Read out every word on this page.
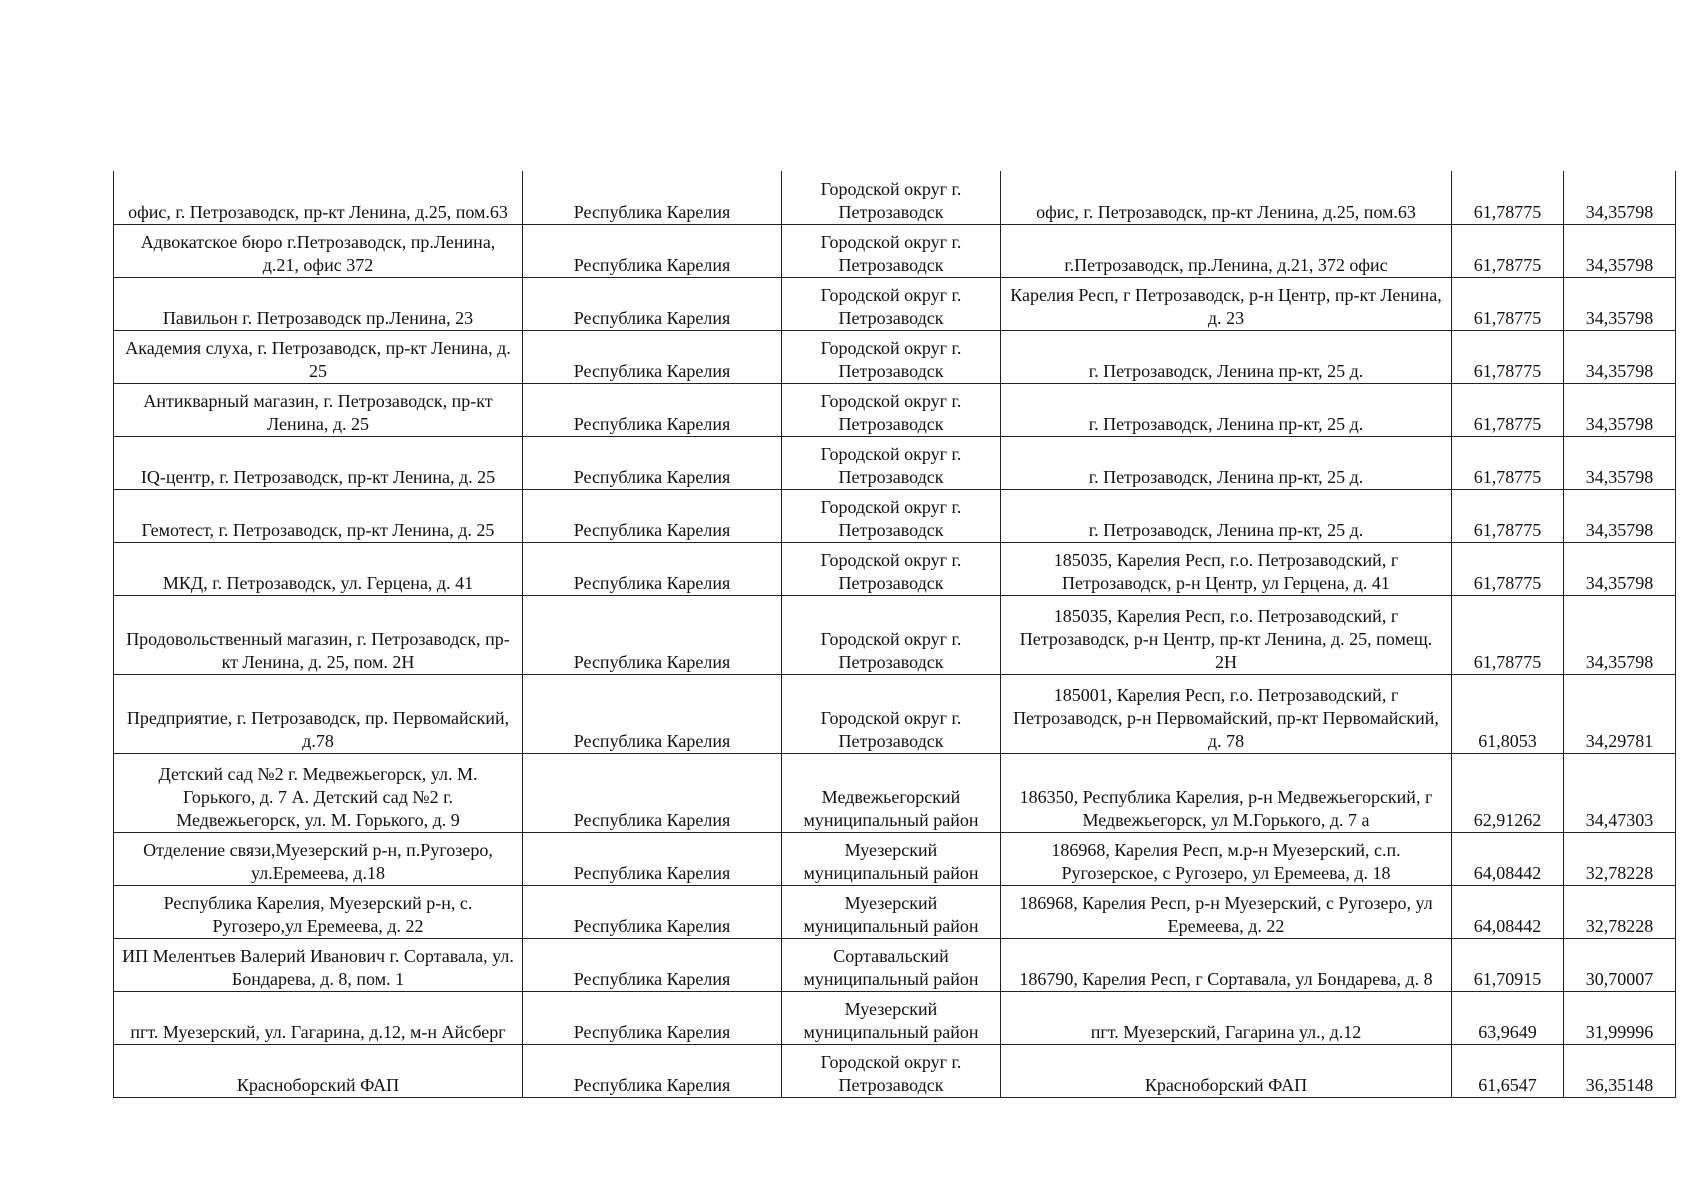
офис, г. Петрозаводск, пр-кт Ленина, д.25, пом.63	Республика Карелия	Городской округ г. Петрозаводск	офис, г. Петрозаводск, пр-кт Ленина, д.25, пом.63	61,78775	34,35798
Адвокатское бюро г.Петрозаводск, пр.Ленина, д.21, офис 372	Республика Карелия	Городской округ г. Петрозаводск	г.Петрозаводск, пр.Ленина, д.21, 372 офис	61,78775	34,35798
Павильон г. Петрозаводск пр.Ленина, 23	Республика Карелия	Городской округ г. Петрозаводск	Карелия Респ, г Петрозаводск, р-н Центр, пр-кт Ленина, д. 23	61,78775	34,35798
Академия слуха, г. Петрозаводск, пр-кт Ленина, д. 25	Республика Карелия	Городской округ г. Петрозаводск	г. Петрозаводск, Ленина пр-кт, 25 д.	61,78775	34,35798
Антикварный магазин, г. Петрозаводск, пр-кт Ленина, д. 25	Республика Карелия	Городской округ г. Петрозаводск	г. Петрозаводск, Ленина пр-кт, 25 д.	61,78775	34,35798
IQ-центр, г. Петрозаводск, пр-кт Ленина, д. 25	Республика Карелия	Городской округ г. Петрозаводск	г. Петрозаводск, Ленина пр-кт, 25 д.	61,78775	34,35798
Гемотест, г. Петрозаводск, пр-кт Ленина, д. 25	Республика Карелия	Городской округ г. Петрозаводск	г. Петрозаводск, Ленина пр-кт, 25 д.	61,78775	34,35798
МКД, г. Петрозаводск, ул. Герцена, д. 41	Республика Карелия	Городской округ г. Петрозаводск	185035, Карелия Респ, г.о. Петрозаводский, г Петрозаводск, р-н Центр, ул Герцена, д. 41	61,78775	34,35798
Продовольственный магазин, г. Петрозаводск, пр-кт Ленина, д. 25, пом. 2Н	Республика Карелия	Городской округ г. Петрозаводск	185035, Карелия Респ, г.о. Петрозаводский, г Петрозаводск, р-н Центр, пр-кт Ленина, д. 25, помещ. 2Н	61,78775	34,35798
Предприятие, г. Петрозаводск, пр. Первомайский, д.78	Республика Карелия	Городской округ г. Петрозаводск	185001, Карелия Респ, г.о. Петрозаводский, г Петрозаводск, р-н Первомайский, пр-кт Первомайский, д. 78	61,8053	34,29781
Детский сад №2 г. Медвежьегорск, ул. М. Горького, д. 7 А. Детский сад №2 г. Медвежьегорск, ул. М. Горького, д. 9	Республика Карелия	Медвежьегорский муниципальный район	186350, Республика Карелия, р-н Медвежьегорский, г Медвежьегорск, ул М.Горького, д. 7 а	62,91262	34,47303
Отделение связи,Муезерский р-н, п.Ругозеро, ул.Еремеева, д.18	Республика Карелия	Муезерский муниципальный район	186968, Карелия Респ, м.р-н Муезерский, с.п. Ругозерское, с Ругозеро, ул Еремеева, д. 18	64,08442	32,78228
Республика Карелия, Муезерский р-н, с. Ругозеро,ул Еремеева, д. 22	Республика Карелия	Муезерский муниципальный район	186968, Карелия Респ, р-н Муезерский, с Ругозеро, ул Еремеева, д. 22	64,08442	32,78228
ИП Мелентьев Валерий Иванович г. Сортавала, ул. Бондарева, д. 8, пом. 1	Республика Карелия	Сортавальский муниципальный район	186790, Карелия Респ, г Сортавала, ул Бондарева, д. 8	61,70915	30,70007
пгт. Муезерский, ул. Гагарина, д.12, м-н Айсберг	Республика Карелия	Муезерский муниципальный район	пгт. Муезерский, Гагарина ул., д.12	63,9649	31,99996
Красноборский ФАП	Республика Карелия	Городской округ г. Петрозаводск	Красноборский ФАП	61,6547	36,35148
